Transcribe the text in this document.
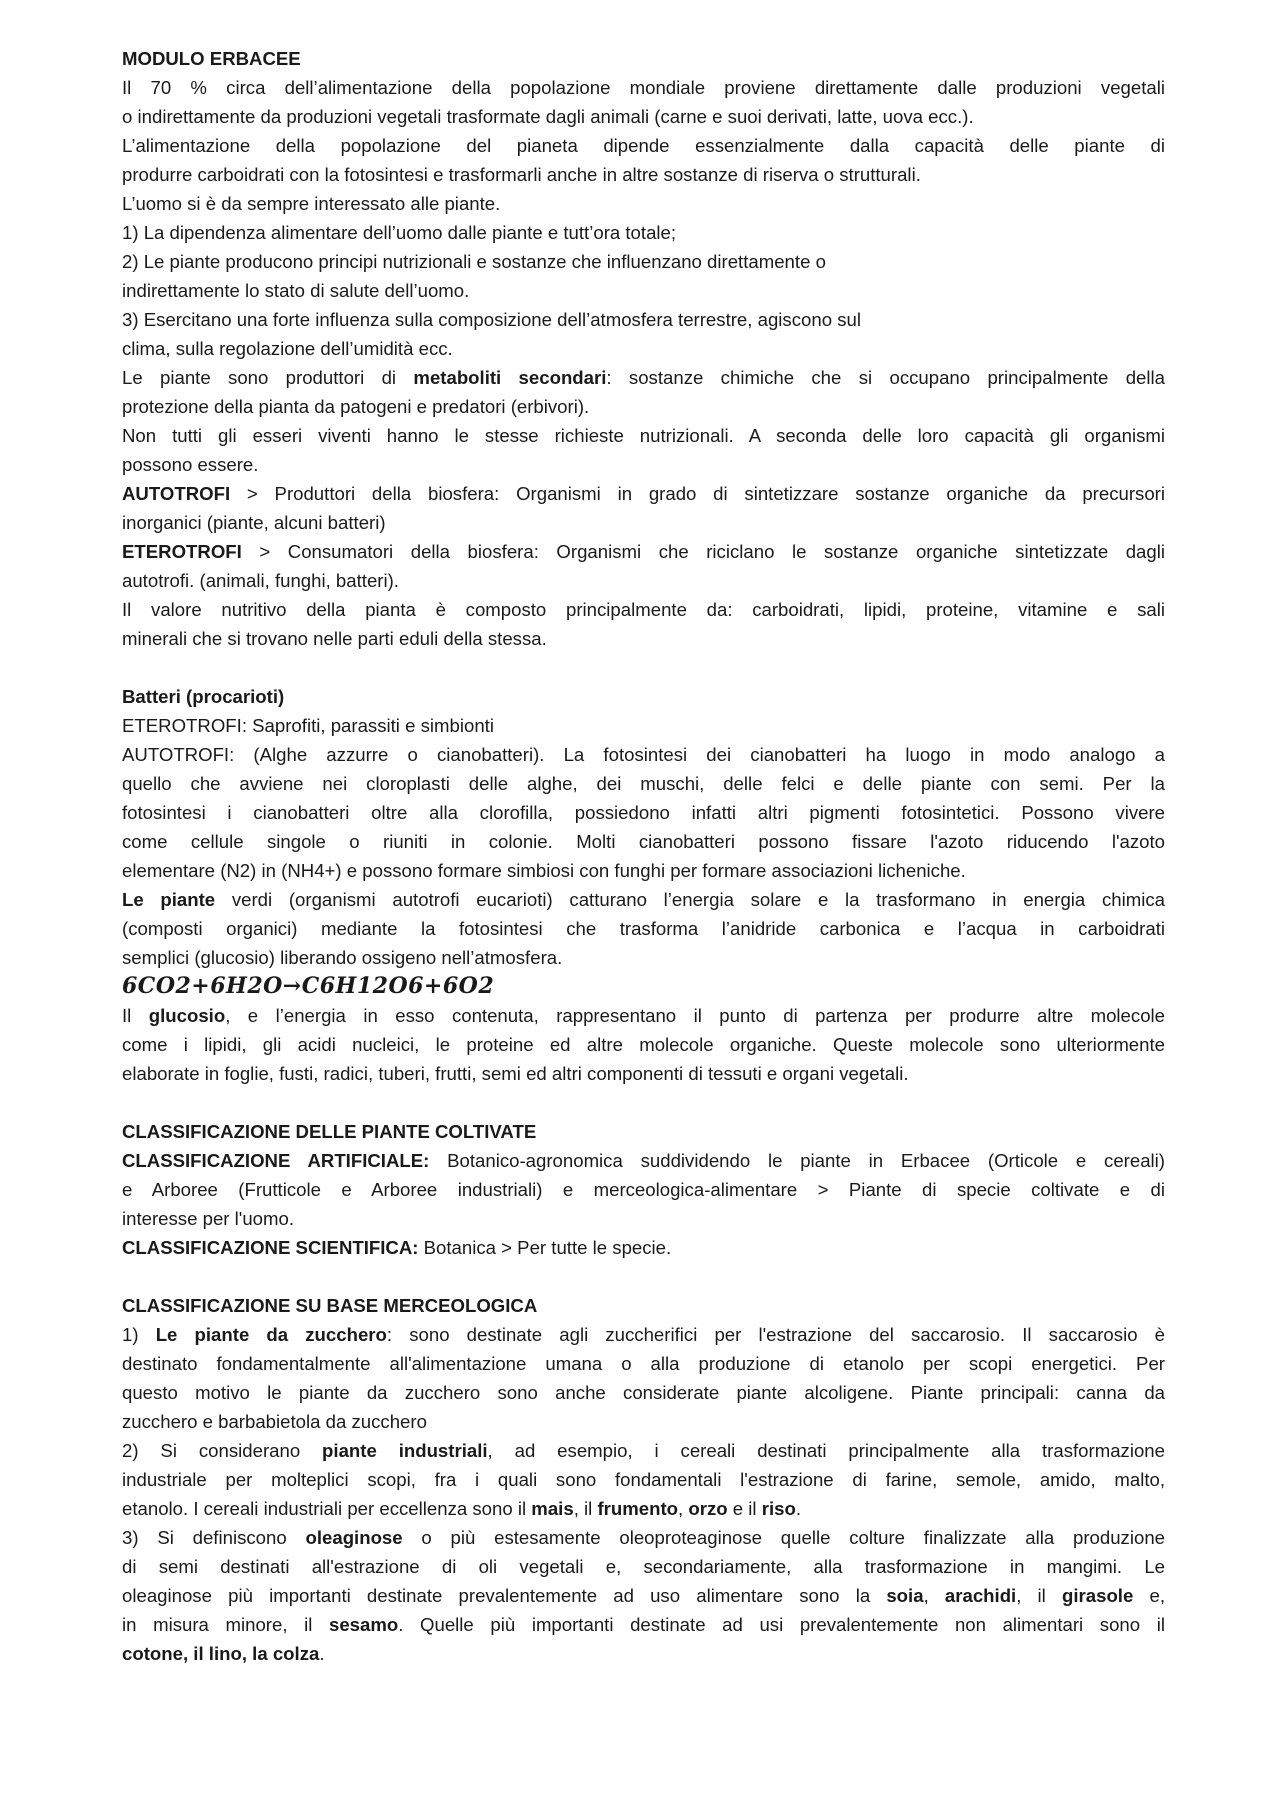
MODULO ERBACEE
Il 70 % circa dell’alimentazione della popolazione mondiale proviene direttamente dalle produzioni vegetali
o indirettamente da produzioni vegetali trasformate dagli animali (carne e suoi derivati, latte, uova ecc.).
L’alimentazione della popolazione del pianeta dipende essenzialmente dalla capacità delle piante di
produrre carboidrati con la fotosintesi e trasformarli anche in altre sostanze di riserva o strutturali.
L’uomo si è da sempre interessato alle piante.
1) La dipendenza alimentare dell’uomo dalle piante e tutt’ora totale;
2) Le piante producono principi nutrizionali e sostanze che influenzano direttamente o
indirettamente lo stato di salute dell’uomo.
3) Esercitano una forte influenza sulla composizione dell’atmosfera terrestre, agiscono sul
clima, sulla regolazione dell’umidità ecc.
Le piante sono produttori di metaboliti secondari: sostanze chimiche che si occupano principalmente della
protezione della pianta da patogeni e predatori (erbivori).
Non tutti gli esseri viventi hanno le stesse richieste nutrizionali. A seconda delle loro capacità gli organismi
possono essere.
AUTOTROFI > Produttori della biosfera: Organismi in grado di sintetizzare sostanze organiche da precursori
inorganici (piante, alcuni batteri)
ETEROTROFI > Consumatori della biosfera: Organismi che riciclano le sostanze organiche sintetizzate dagli
autotrofi. (animali, funghi, batteri).
Il valore nutritivo della pianta è composto principalmente da: carboidrati, lipidi, proteine, vitamine e sali
minerali che si trovano nelle parti eduli della stessa.
Batteri (procarioti)
ETEROTROFI: Saprofiti, parassiti e simbionti
AUTOTROFI: (Alghe azzurre o cianobatteri). La fotosintesi dei cianobatteri ha luogo in modo analogo a
quello che avviene nei cloroplasti delle alghe, dei muschi, delle felci e delle piante con semi. Per la
fotosintesi i cianobatteri oltre alla clorofilla, possiedono infatti altri pigmenti fotosintetici. Possono vivere
come cellule singole o riuniti in colonie. Molti cianobatteri possono fissare l'azoto riducendo l'azoto
elementare (N2) in (NH4+) e possono formare simbiosi con funghi per formare associazioni licheniche.
Le piante verdi (organismi autotrofi eucarioti) catturano l’energia solare e la trasformano in energia chimica
(composti organici) mediante la fotosintesi che trasforma l’anidride carbonica e l’acqua in carboidrati
semplici (glucosio) liberando ossigeno nell’atmosfera.
6CO2+6H2O→C6H12O6+6O2
Il glucosio, e l’energia in esso contenuta, rappresentano il punto di partenza per produrre altre molecole
come i lipidi, gli acidi nucleici, le proteine ed altre molecole organiche. Queste molecole sono ulteriormente
elaborate in foglie, fusti, radici, tuberi, frutti, semi ed altri componenti di tessuti e organi vegetali.
CLASSIFICAZIONE DELLE PIANTE COLTIVATE
CLASSIFICAZIONE ARTIFICIALE: Botanico-agronomica suddividendo le piante in Erbacee (Orticole e cereali)
e Arboree (Frutticole e Arboree industriali) e merceologica-alimentare > Piante di specie coltivate e di
interesse per l'uomo.
CLASSIFICAZIONE SCIENTIFICA: Botanica > Per tutte le specie.
CLASSIFICAZIONE SU BASE MERCEOLOGICA
1) Le piante da zucchero: sono destinate agli zuccherifici per l'estrazione del saccarosio. Il saccarosio è
destinato fondamentalmente all'alimentazione umana o alla produzione di etanolo per scopi energetici. Per
questo motivo le piante da zucchero sono anche considerate piante alcoligene. Piante principali: canna da
zucchero e barbabietola da zucchero
2) Si considerano piante industriali, ad esempio, i cereali destinati principalmente alla trasformazione
industriale per molteplici scopi, fra i quali sono fondamentali l'estrazione di farine, semole, amido, malto,
etanolo. I cereali industriali per eccellenza sono il mais, il frumento, orzo e il riso.
3) Si definiscono oleaginose o più estesamente oleoproteaginose quelle colture finalizzate alla produzione
di semi destinati all'estrazione di oli vegetali e, secondariamente, alla trasformazione in mangimi. Le
oleaginose più importanti destinate prevalentemente ad uso alimentare sono la soia, arachidi, il girasole e,
in misura minore, il sesamo. Quelle più importanti destinate ad usi prevalentemente non alimentari sono il
cotone, il lino, la colza.
